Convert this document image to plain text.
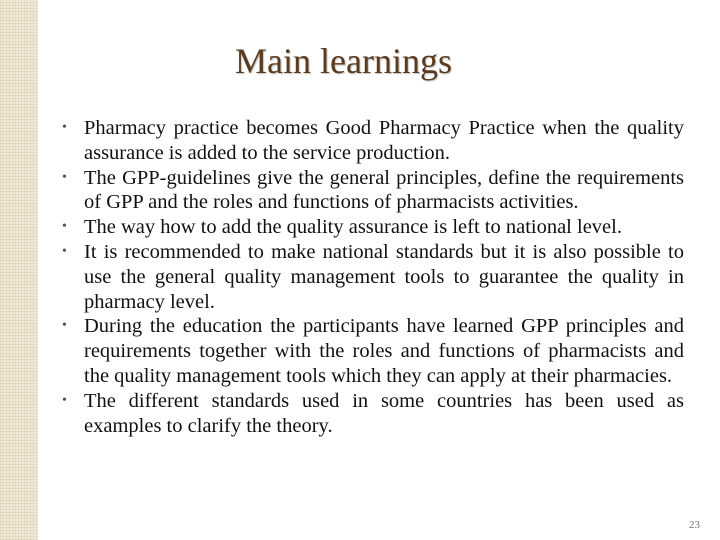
Main learnings
• Pharmacy practice becomes Good Pharmacy Practice when the quality assurance is added to the service production.
• The GPP-guidelines give the general principles, define the requirements of GPP and the roles and functions of pharmacists activities.
• The way how to add the quality assurance is left to national level.
• It is recommended to make national standards but it is also possible to use the general quality management tools to guarantee the quality in pharmacy level.
• During the education the participants have learned GPP principles and requirements together with the roles and functions of pharmacists and the quality management tools which they can apply at their pharmacies.
• The different standards used in some countries has been used as examples to clarify the theory.
23
